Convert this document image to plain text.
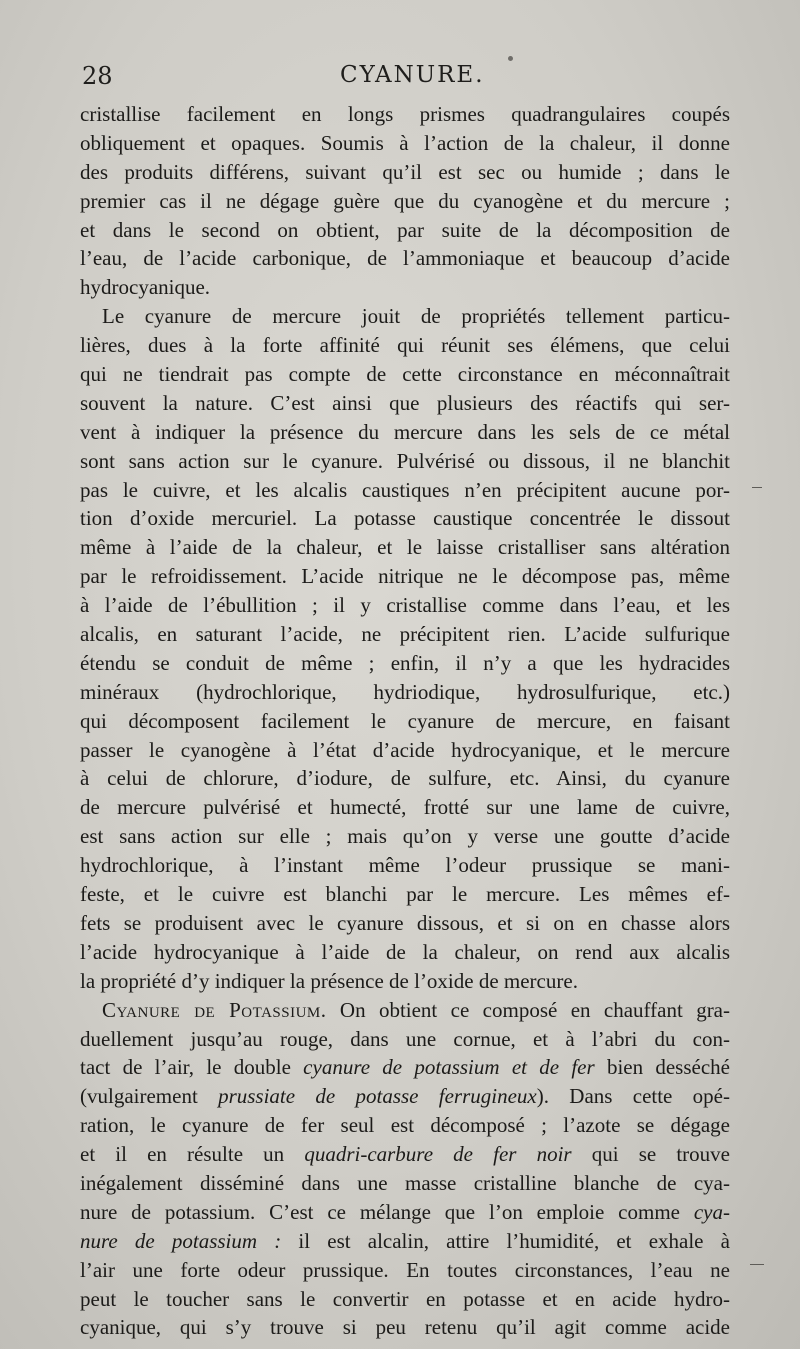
28	CYANURE.
cristallise facilement en longs prismes quadrangulaires coupés
obliquement et opaques. Soumis à l’action de la chaleur, il donne
des produits différens, suivant qu’il est sec ou humide ; dans le
premier cas il ne dégage guère que du cyanogène et du mercure ;
et dans le second on obtient, par suite de la décomposition de
l’eau, de l’acide carbonique, de l’ammoniaque et beaucoup d’acide
hydrocyanique.
Le cyanure de mercure jouit de propriétés tellement particu-
lières, dues à la forte affinité qui réunit ses élémens, que celui
qui ne tiendrait pas compte de cette circonstance en méconnaîtrait
souvent la nature. C’est ainsi que plusieurs des réactifs qui ser-
vent à indiquer la présence du mercure dans les sels de ce métal
sont sans action sur le cyanure. Pulvérisé ou dissous, il ne blanchit
pas le cuivre, et les alcalis caustiques n’en précipitent aucune por-
tion d’oxide mercuriel. La potasse caustique concentrée le dissout
même à l’aide de la chaleur, et le laisse cristalliser sans altération
par le refroidissement. L’acide nitrique ne le décompose pas, même
à l’aide de l’ébullition ; il y cristallise comme dans l’eau, et les
alcalis, en saturant l’acide, ne précipitent rien. L’acide sulfurique
étendu se conduit de même ; enfin, il n’y a que les hydracides
minéraux (hydrochlorique, hydriodique, hydrosulfurique, etc.)
qui décomposent facilement le cyanure de mercure, en faisant
passer le cyanogène à l’état d’acide hydrocyanique, et le mercure
à celui de chlorure, d’iodure, de sulfure, etc. Ainsi, du cyanure
de mercure pulvérisé et humecté, frotté sur une lame de cuivre,
est sans action sur elle ; mais qu’on y verse une goutte d’acide
hydrochlorique, à l’instant même l’odeur prussique se mani-
feste, et le cuivre est blanchi par le mercure. Les mêmes ef-
fets se produisent avec le cyanure dissous, et si on en chasse alors
l’acide hydrocyanique à l’aide de la chaleur, on rend aux alcalis
la propriété d’y indiquer la présence de l’oxide de mercure.
Cyanure de Potassium. On obtient ce composé en chauffant gra-
duellement jusqu’au rouge, dans une cornue, et à l’abri du con-
tact de l’air, le double cyanure de potassium et de fer bien desséché
(vulgairement prussiate de potasse ferrugineux). Dans cette opé-
ration, le cyanure de fer seul est décomposé ; l’azote se dégage
et il en résulte un quadri-carbure de fer noir qui se trouve
inégalement disséminé dans une masse cristalline blanche de cya-
nure de potassium. C’est ce mélange que l’on emploie comme cya-
nure de potassium : il est alcalin, attire l’humidité, et exhale à
l’air une forte odeur prussique. En toutes circonstances, l’eau ne
peut le toucher sans le convertir en potasse et en acide hydro-
cyanique, qui s’y trouve si peu retenu qu’il agit comme acide
